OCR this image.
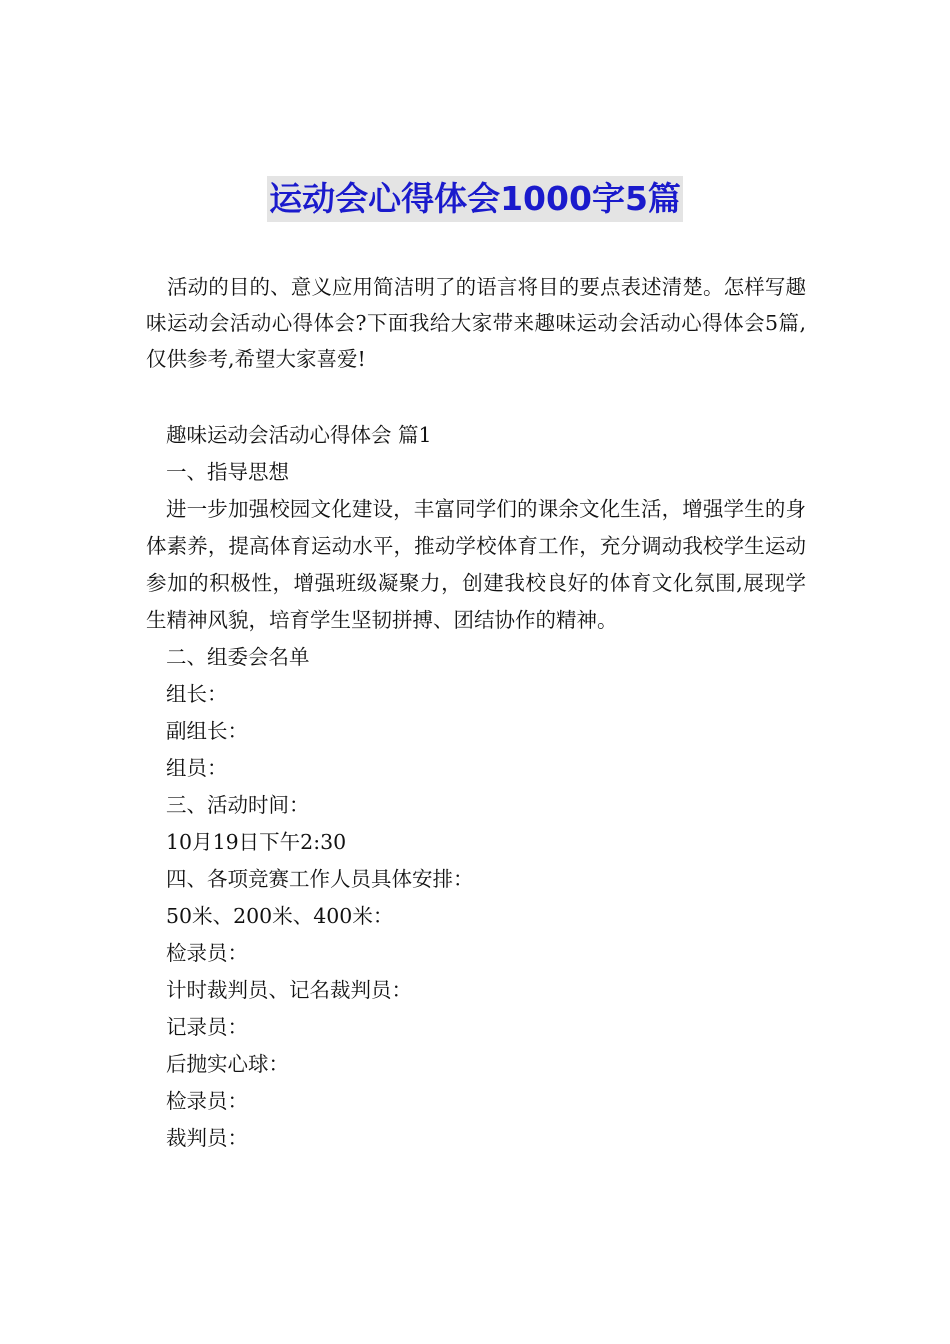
运动会心得体会1000字5篇

活动的目的、意义应用简洁明了的语言将目的要点表述清楚。怎样写趣味运动会活动心得体会?下面我给大家带来趣味运动会活动心得体会5篇,仅供参考,希望大家喜爱!

趣味运动会活动心得体会 篇1
一、指导思想

进一步加强校园文化建设，丰富同学们的课余文化生活，增强学生的身体素养，提高体育运动水平，推动学校体育工作，充分调动我校学生运动参加的积极性，增强班级凝聚力，创建我校良好的体育文化氛围,展现学生精神风貌，培育学生坚韧拼搏、团结协作的精神。

二、组委会名单
组长：
副组长：
组员：
三、活动时间：
10月19日下午2:30
四、各项竞赛工作人员具体安排：
50米、200米、400米：
检录员：
计时裁判员、记名裁判员：
记录员：
后抛实心球：
检录员：
裁判员：
